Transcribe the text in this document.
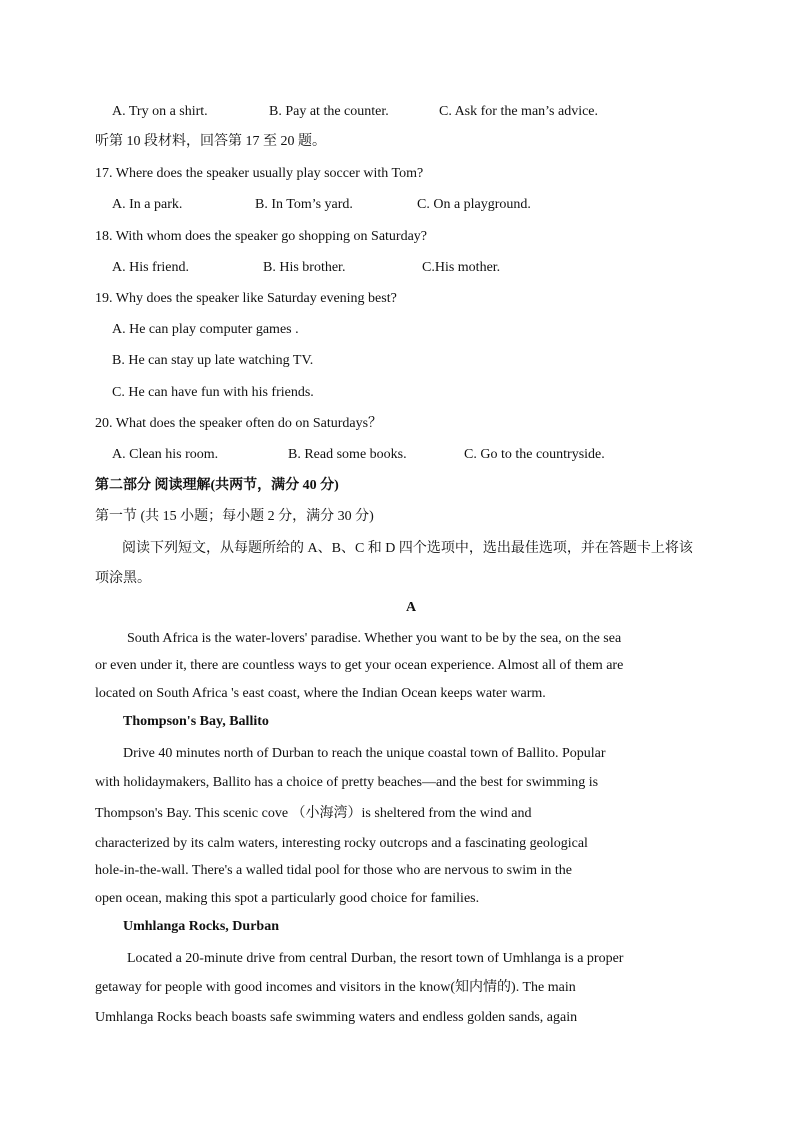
A. Try on a shirt.	B. Pay at the counter.	C. Ask for the man’s advice.
听第 10 段材料，回答第 17 至 20 题。
17. Where does the speaker usually play soccer with Tom?
A. In a park.	B. In Tom’s yard.	C. On a playground.
18. With whom does the speaker go shopping on Saturday?
A. His friend.	B. His brother.	C.His mother.
19. Why does the speaker like Saturday evening best?
A. He can play computer games .
B. He can stay up late watching TV.
C. He can have fun with his friends.
20. What does the speaker often do on Saturdays？
A. Clean his room.	B. Read some books.	C. Go to the countryside.
第二部分 阅读理解(共两节，满分 40 分)
第一节 (共 15 小题；每小题 2 分，满分 30 分)
阅读下列短文，从每题所给的 A、B、C 和 D 四个选项中，选出最佳选项，并在答题卡上将该
项涂黑。
A
South Africa is the water-lovers' paradise. Whether you want to be by the sea, on the sea
or even under it, there are countless ways to get your ocean experience. Almost all of them are
located on South Africa 's east coast, where the Indian Ocean keeps water warm.
Thompson's Bay, Ballito
Drive 40 minutes north of Durban to reach the unique coastal town of Ballito. Popular
with holidaymakers, Ballito has a choice of pretty beaches—and the best for swimming is
Thompson's Bay. This scenic cove （小海湾）is sheltered from the wind and
characterized by its calm waters, interesting rocky outcrops and a fascinating geological
hole-in-the-wall. There's a walled tidal pool for those who are nervous to swim in the
open ocean, making this spot a particularly good choice for families.
Umhlanga Rocks, Durban
Located a 20-minute drive from central Durban, the resort town of Umhlanga is a proper
getaway for people with good incomes and visitors in the know(知内情的). The main
Umhlanga Rocks beach boasts safe swimming waters and endless golden sands, again
